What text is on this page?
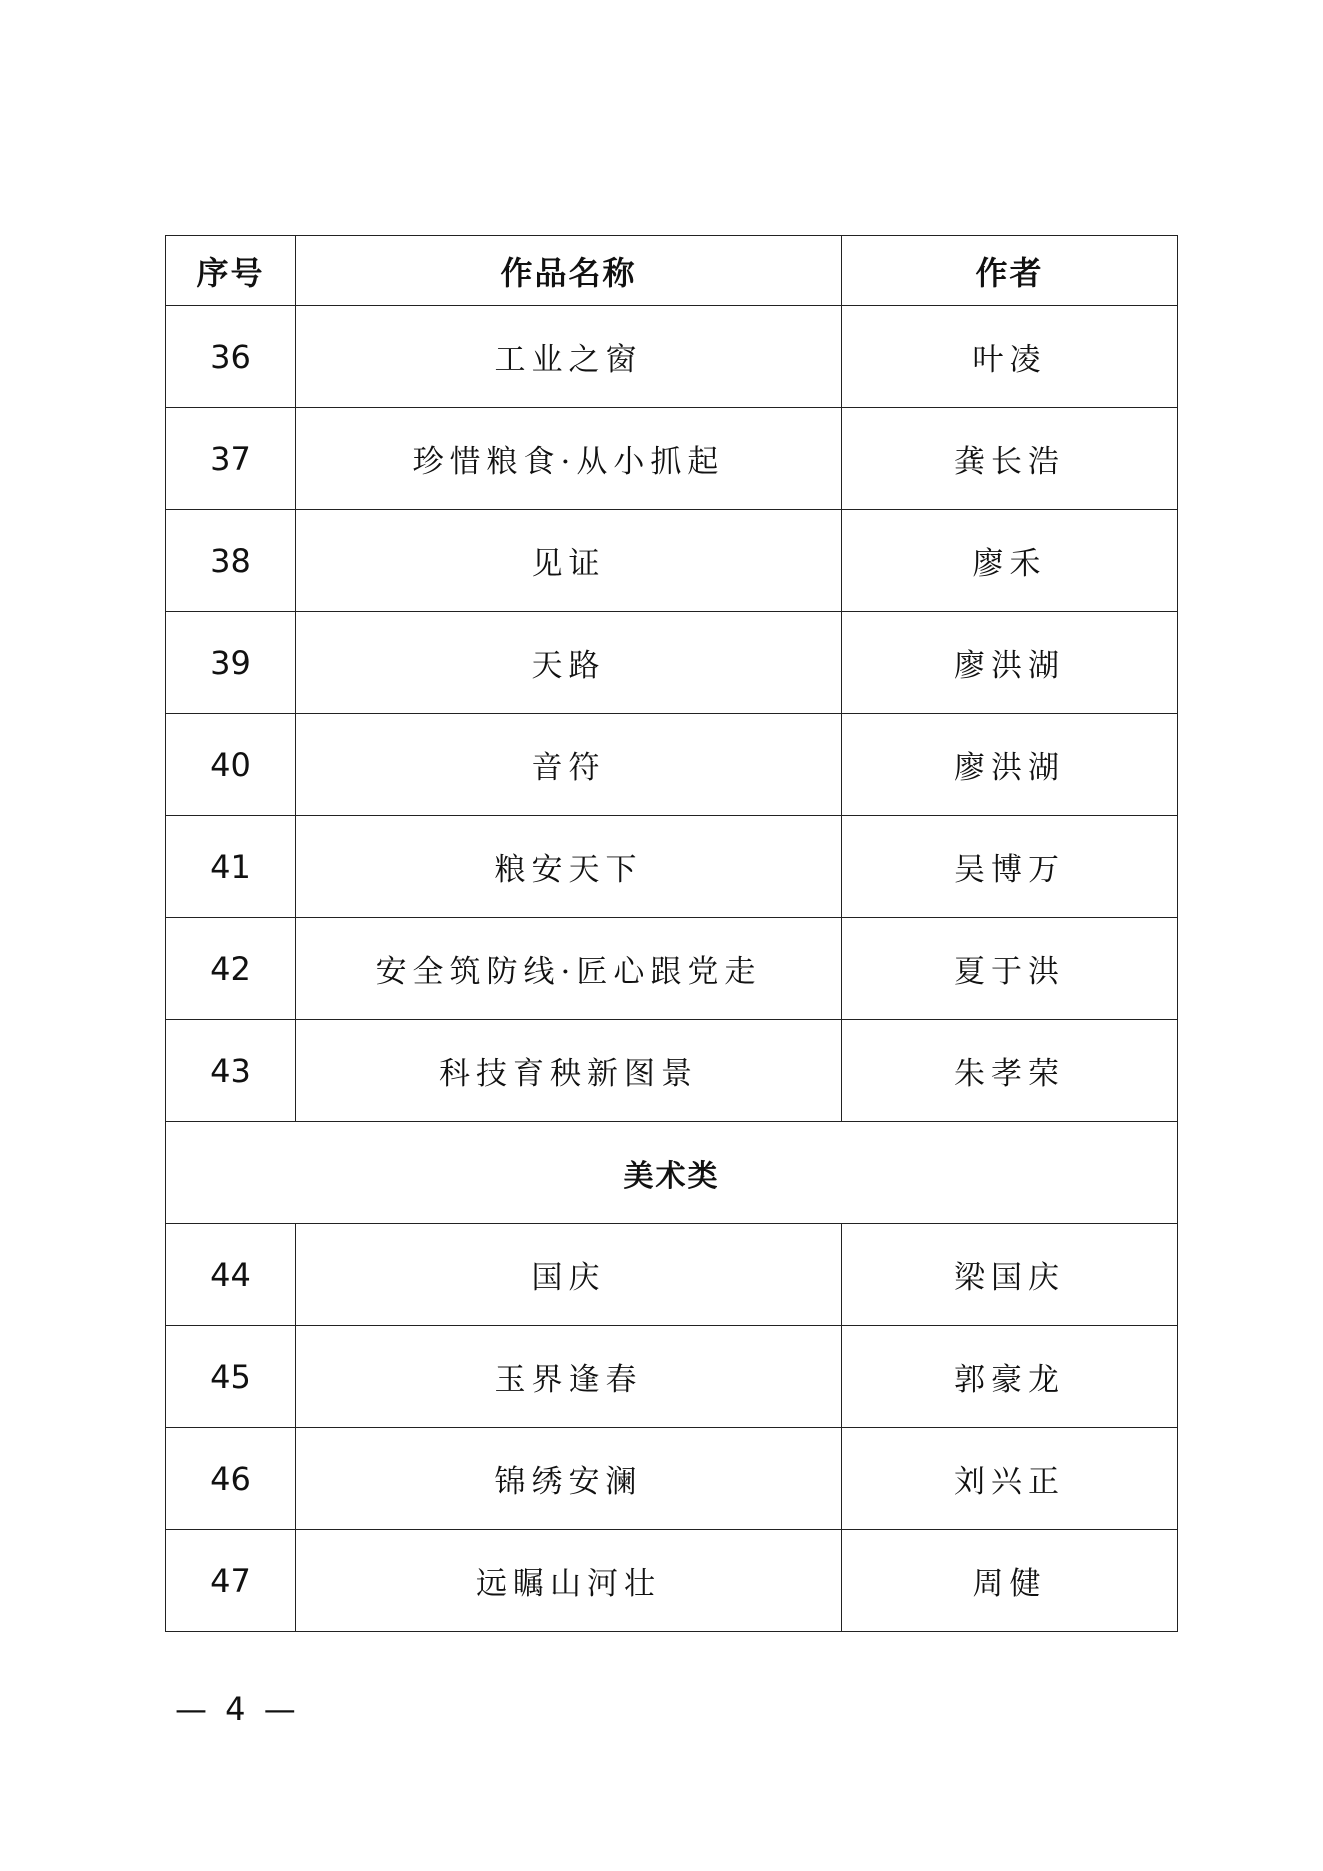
序号	作品名称	作者
36	工业之窗	叶凌
37	珍惜粮食·从小抓起	龚长浩
38	见证	廖禾
39	天路	廖洪湖
40	音符	廖洪湖
41	粮安天下	吴博万
42	安全筑防线·匠心跟党走	夏于洪
43	科技育秧新图景	朱孝荣
美术类		
44	国庆	梁国庆
45	玉界逢春	郭豪龙
46	锦绣安澜	刘兴正
47	远瞩山河壮	周健
— 4 —
